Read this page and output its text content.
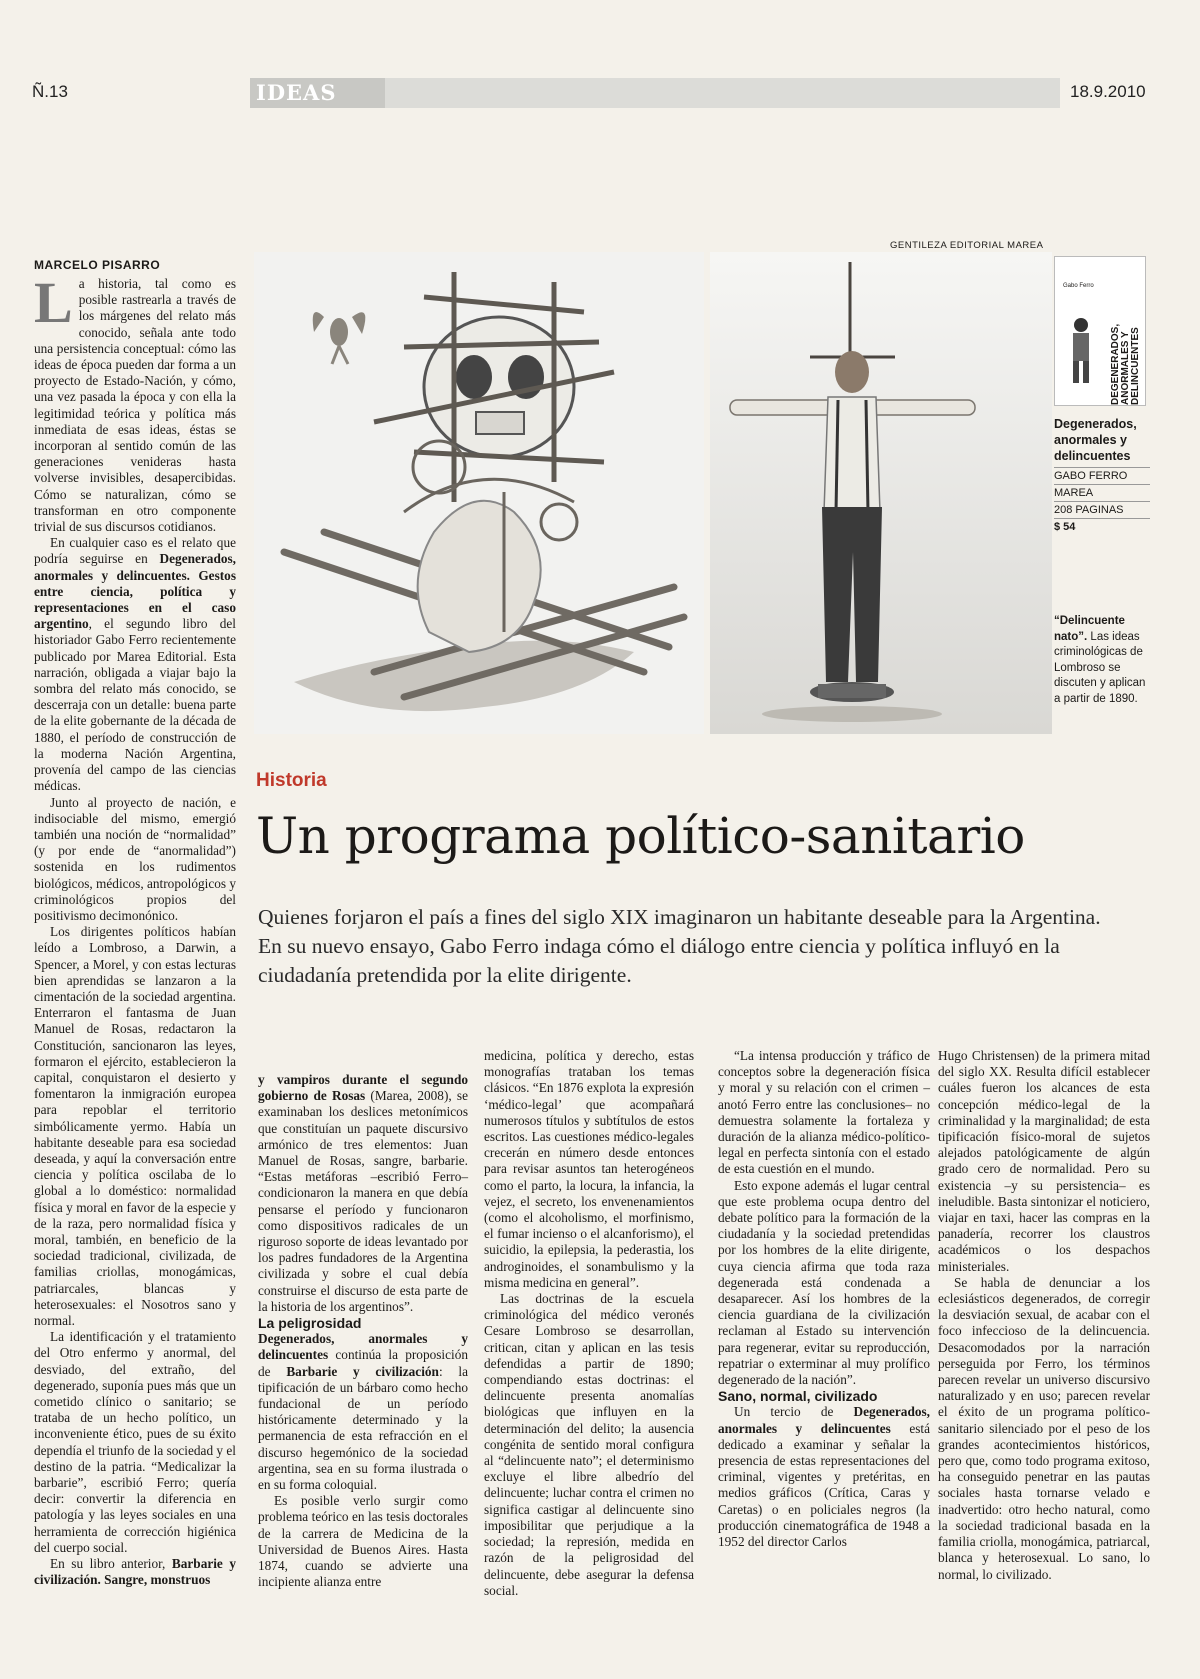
Ñ.13	IDEAS	18.9.2010
MARCELO PISARRO

La historia, tal como es posible rastrearla a través de los márgenes del relato más conocido, señala ante todo una persistencia conceptual: cómo las ideas de época pueden dar forma a un proyecto de Estado-Nación, y cómo, una vez pasada la época y con ella la legitimidad teórica y política más inmediata de esas ideas, éstas se incorporan al sentido común de las generaciones venideras hasta volverse invisibles, desapercibidas. Cómo se naturalizan, cómo se transforman en otro componente trivial de sus discursos cotidianos.

En cualquier caso es el relato que podría seguirse en Degenerados, anormales y delincuentes. Gestos entre ciencia, política y representaciones en el caso argentino, el segundo libro del historiador Gabo Ferro recientemente publicado por Marea Editorial. Esta narración, obligada a viajar bajo la sombra del relato más conocido, se descerraja con un detalle: buena parte de la elite gobernante de la década de 1880, el período de construcción de la moderna Nación Argentina, provenía del campo de las ciencias médicas.

Junto al proyecto de nación, e indisociable del mismo, emergió también una noción de “normalidad” (y por ende de “anormalidad”) sostenida en los rudimentos biológicos, médicos, antropológicos y criminológicos propios del positivismo decimonónico.

Los dirigentes políticos habían leído a Lombroso, a Darwin, a Spencer, a Morel, y con estas lecturas bien aprendidas se lanzaron a la cimentación de la sociedad argentina. Enterraron el fantasma de Juan Manuel de Rosas, redactaron la Constitución, sancionaron las leyes, formaron el ejército, establecieron la capital, conquistaron el desierto y fomentaron la inmigración europea para repoblar el territorio simbólicamente yermo. Había un habitante deseable para esa sociedad deseada, y aquí la conversación entre ciencia y política oscilaba de lo global a lo doméstico: normalidad física y moral en favor de la especie y de la raza, pero normalidad física y moral, también, en beneficio de la sociedad tradicional, civilizada, de familias criollas, monogámicas, patriarcales, blancas y heterosexuales: el Nosotros sano y normal.

La identificación y el tratamiento del Otro enfermo y anormal, del desviado, del extraño, del degenerado, suponía pues más que un cometido clínico o sanitario; se trataba de un hecho político, un inconveniente ético, pues de su éxito dependía el triunfo de la sociedad y el destino de la patria. “Medicalizar la barbarie”, escribió Ferro; quería decir: convertir la diferencia en patología y las leyes sociales en una herramienta de corrección higiénica del cuerpo social.

En su libro anterior, Barbarie y civilización. Sangre, monstruos

GENTILEZA EDITORIAL MAREA
Gabo Ferro
DEGENERADOS, ANORMALES Y DELINCUENTES
Degenerados, anormales y delincuentes
GABO FERRO
MAREA
208 PAGINAS
$ 54
“Delincuente nato”. Las ideas criminológicas de Lombroso se discuten y aplican a partir de 1890.
Historia
Un programa político-sanitario
Quienes forjaron el país a fines del siglo XIX imaginaron un habitante deseable para la Argentina. En su nuevo ensayo, Gabo Ferro indaga cómo el diálogo entre ciencia y política influyó en la ciudadanía pretendida por la elite dirigente.

y vampiros durante el segundo gobierno de Rosas (Marea, 2008), se examinaban los deslices metonímicos que constituían un paquete discursivo armónico de tres elementos: Juan Manuel de Rosas, sangre, barbarie. “Estas metáforas –escribió Ferro– condicionaron la manera en que debía pensarse el período y funcionaron como dispositivos radicales de un riguroso soporte de ideas levantado por los padres fundadores de la Argentina civilizada y sobre el cual debía construirse el discurso de esta parte de la historia de los argentinos”.

La peligrosidad

Degenerados, anormales y delincuentes continúa la proposición de Barbarie y civilización: la tipificación de un bárbaro como hecho fundacional de un período históricamente determinado y la permanencia de esta refracción en el discurso hegemónico de la sociedad argentina, sea en su forma ilustrada o en su forma coloquial.

Es posible verlo surgir como problema teórico en las tesis doctorales de la carrera de Medicina de la Universidad de Buenos Aires. Hasta 1874, cuando se advierte una incipiente alianza entre

medicina, política y derecho, estas monografías trataban los temas clásicos. “En 1876 explota la expresión ‘médico-legal’ que acompañará numerosos títulos y subtítulos de estos escritos. Las cuestiones médico-legales crecerán en número desde entonces para revisar asuntos tan heterogéneos como el parto, la locura, la infancia, la vejez, el secreto, los envenenamientos (como el alcoholismo, el morfinismo, el fumar incienso o el alcanforismo), el suicidio, la epilepsia, la pederastia, los androginoides, el sonambulismo y la misma medicina en general”.

Las doctrinas de la escuela criminológica del médico veronés Cesare Lombroso se desarrollan, critican, citan y aplican en las tesis defendidas a partir de 1890; compendiando estas doctrinas: el delincuente presenta anomalías biológicas que influyen en la determinación del delito; la ausencia congénita de sentido moral configura al “delincuente nato”; el determinismo excluye el libre albedrío del delincuente; luchar contra el crimen no significa castigar al delincuente sino imposibilitar que perjudique a la sociedad; la represión, medida en razón de la peligrosidad del delincuente, debe asegurar la defensa social.

“La intensa producción y tráfico de conceptos sobre la degeneración física y moral y su relación con el crimen –anotó Ferro entre las conclusiones– no demuestra solamente la fortaleza y duración de la alianza médico-político-legal en perfecta sintonía con el estado de esta cuestión en el mundo.

Esto expone además el lugar central que este problema ocupa dentro del debate político para la formación de la ciudadanía y la sociedad pretendidas por los hombres de la elite dirigente, cuya ciencia afirma que toda raza degenerada está condenada a desaparecer. Así los hombres de la ciencia guardiana de la civilización reclaman al Estado su intervención para regenerar, evitar su reproducción, repatriar o exterminar al muy prolífico degenerado de la nación”.

Sano, normal, civilizado

Un tercio de Degenerados, anormales y delincuentes está dedicado a examinar y señalar la presencia de estas representaciones del criminal, vigentes y pretéritas, en medios gráficos (Crítica, Caras y Caretas) o en policiales negros (la producción cinematográfica de 1948 a 1952 del director Carlos

Hugo Christensen) de la primera mitad del siglo XX. Resulta difícil establecer cuáles fueron los alcances de esta concepción médico-legal de la criminalidad y la marginalidad; de esta tipificación físico-moral de sujetos alejados patológicamente de algún grado cero de normalidad. Pero su existencia –y su persistencia– es ineludible. Basta sintonizar el noticiero, viajar en taxi, hacer las compras en la panadería, recorrer los claustros académicos o los despachos ministeriales.

Se habla de denunciar a los eclesiásticos degenerados, de corregir la desviación sexual, de acabar con el foco infeccioso de la delincuencia. Desacomodados por la narración perseguida por Ferro, los términos parecen revelar un universo discursivo naturalizado y en uso; parecen revelar el éxito de un programa político-sanitario silenciado por el peso de los grandes acontecimientos históricos, pero que, como todo programa exitoso, ha conseguido penetrar en las pautas sociales hasta tornarse velado e inadvertido: otro hecho natural, como la sociedad tradicional basada en la familia criolla, monogámica, patriarcal, blanca y heterosexual. Lo sano, lo normal, lo civilizado.
